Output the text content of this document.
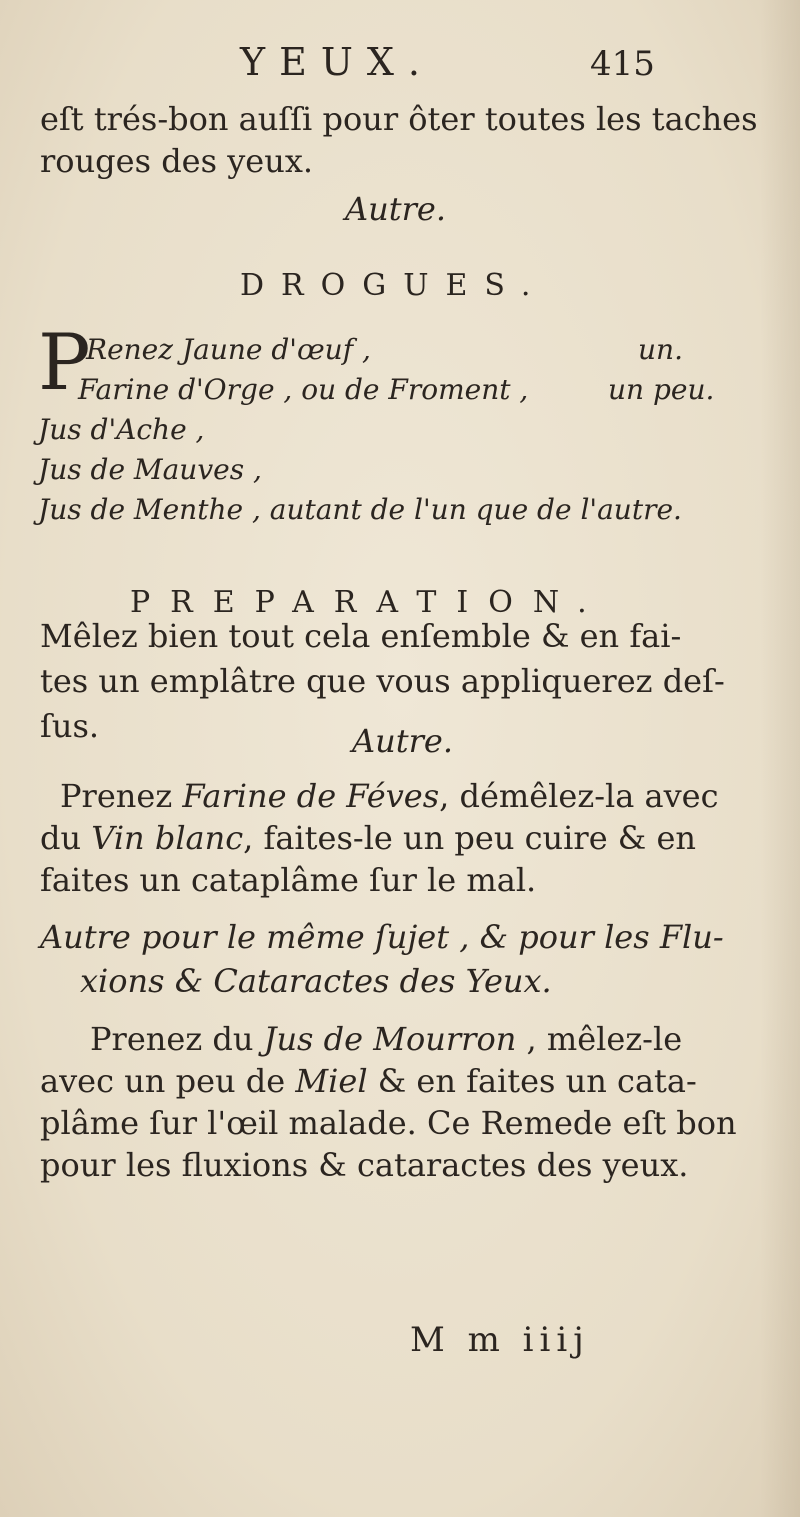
YEUX.	415
eſt trés-bon auſſi pour ôter toutes les taches
rouges des yeux.
Autre.
DROGUES.
P
Renez Jaune d'œuf ,	un.
Farine d'Orge , ou de Froment ,	un peu.
Jus d'Ache ,
Jus de Mauves ,
Jus de Menthe , autant de l'un que de l'autre.
PREPARATION.
Mêlez bien tout cela enſemble & en fai-
tes un emplâtre que vous appliquerez deſ-
ſus.	Autre.
Prenez Farine de Féves, démêlez-la avec
du Vin blanc, faites-le un peu cuire & en
faites un cataplâme ſur le mal.
Autre pour le même ſujet , & pour les Flu-
xions & Cataractes des Yeux.
Prenez du Jus de Mourron , mêlez-le
avec un peu de Miel & en faites un cata-
plâme ſur l'œil malade. Ce Remede eſt bon
pour les fluxions & cataractes des yeux.
M m iiij
